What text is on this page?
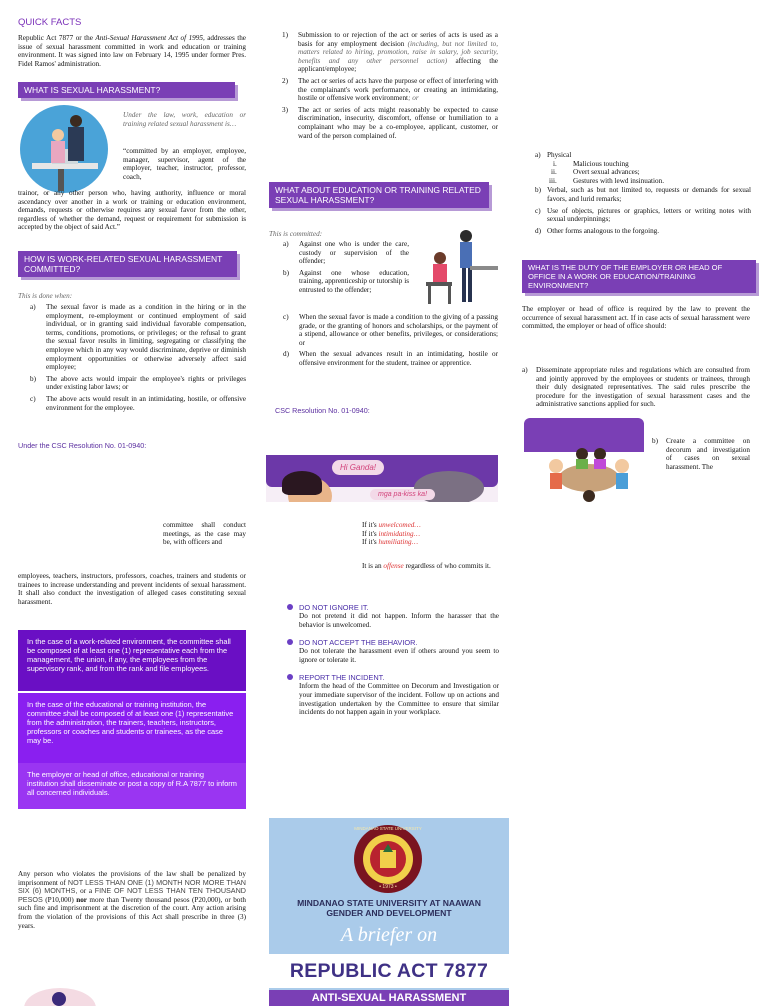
QUICK FACTS
Republic Act 7877 or the Anti-Sexual Harassment Act of 1995, addresses the issue of sexual harassment committed in work and education or training environment. It was signed into law on February 14, 1995 under former Pres. Fidel Ramos' administration.
WHAT IS SEXUAL HARASSMENT?
Under the law, work, education or training related sexual harassment is…
“committed by an employer, employee, manager, supervisor, agent of the employer, teacher, instructor, professor, coach,
trainor, or any other person who, having authority, influence or moral ascendancy over another in a work or training or education environment, demands, requests or otherwise requires any sexual favor from the other, regardless of whether the demand, request or requirement for submission is accepted by the object of said Act.”
HOW IS WORK-RELATED SEXUAL HARASSMENT COMMITTED?
This is done when:
a) The sexual favor is made as a condition in the hiring or in the employment, re-employment or continued employment of said individual, or in granting said individual favorable compensation, terms, conditions, promotions, or privileges; or the refusal to grant the sexual favor results in limiting, segregating or classifying the employee which in any way would discriminate, deprive or diminish employment opportunities or otherwise adversely affect said employee;
b) The above acts would impair the employee's rights or privileges under existing labor laws; or
c) The above acts would result in an intimidating, hostile, or offensive environment for the employee.
Under the CSC Resolution No. 01-0940:
1) Submission to or rejection of the act or series of acts is used as a basis for any employment decision (including, but not limited to, matters related to hiring, promotion, raise in salary, job security, benefits and any other personnel action) affecting the applicant/employee;
2) The act or series of acts have the purpose or effect of interfering with the complainant's work performance, or creating an intimidating, hostile or offensive work environment; or
3) The act or series of acts might reasonably be expected to cause discrimination, insecurity, discomfort, offense or humiliation to a complainant who may be a co-employee, applicant, customer, or ward of the person complained of.
WHAT ABOUT EDUCATION OR TRAINING RELATED SEXUAL HARASSMENT?
This is committed:
a) Against one who is under the care, custody or supervision of the offender;
b) Against one whose education, training, apprenticeship or tutorship is entrusted to the offender;
c) When the sexual favor is made a condition to the giving of a passing grade, or the granting of honors and scholarships, or the payment of a stipend, allowance or other benefits, privileges, or considerations; or
d) When the sexual advances result in an intimidating, hostile or offensive environment for the student, trainee or apprentice.
CSC Resolution No. 01-0940:
Hi Ganda!
mga pa-kiss ka!
a) Physical
i. Malicious touching
ii. Overt sexual advances;
iii. Gestures with lewd insinuation.
b) Verbal, such as but not limited to, requests or demands for sexual favors, and lurid remarks;
c) Use of objects, pictures or graphics, letters or writing notes with sexual underpinnings;
d) Other forms analogous to the forgoing.
WHAT IS THE DUTY OF THE EMPLOYER OR HEAD OF OFFICE IN A WORK OR EDUCATION/TRAINING ENVIRONMENT?
The employer or head of office is required by the law to prevent the occurrence of sexual harassment act. If in case acts of sexual harassment were committed, the employer or head of office should:
a)	Disseminate appropriate rules and regulations which are consulted from and jointly approved by the employees or students or trainees, through their duly designated representatives. The said rules prescribe the procedure for the investigation of sexual harassment cases and the administrative sanctions applied for such.
b)	Create a committee on decorum and investigation of cases on sexual harassment. The
committee shall conduct meetings, as the case may be, with officers and
employees, teachers, instructors, professors, coaches, trainers and students or trainees to increase understanding and prevent incidents of sexual harassment. It shall also conduct the investigation of alleged cases constituting sexual harassment.
In the case of a work-related environment, the committee shall be composed of at least one (1) representative each from the management, the union, if any, the employees from the supervisory rank, and from the rank and file employees.
In the case of the educational or training institution, the committee shall be composed of at least one (1) representative from the administration, the trainers, teachers, instructors, professors or coaches and students or trainees, as the case may be.
The employer or head of office, educational or training institution shall disseminate or post a copy of R.A 7877 to inform all concerned individuals.
Any person who violates the provisions of the law shall be penalized by imprisonment of NOT LESS THAN ONE (1) MONTH NOR MORE THAN SIX (6) MONTHS, or a FINE OF NOT LESS THAN TEN THOUSAND PESOS (P10,000) nor more than Twenty thousand pesos (P20,000), or both such fine and imprisonment at the discretion of the court. Any action arising from the violation of the provisions of this Act shall prescribe in three (3) years.
If it's unwelcomed…
If it's intimidating…
If it's humiliating…
It is an offense regardless of who commits it.
DO NOT IGNORE IT.
Do not pretend it did not happen. Inform the harasser that the behavior is unwelcomed.
DO NOT ACCEPT THE BEHAVIOR.
Do not tolerate the harassment even if others around you seem to ignore or tolerate it.
REPORT THE INCIDENT.
Inform the head of the Committee on Decorum and Investigation or your immediate supervisor of the incident. Follow up on actions and investigation undertaken by the Committee to ensure that similar incidents do not happen again in your workplace.
MINDANAO STATE UNIVERSITY
• 1973 •
MINDANAO STATE UNIVERSITY AT NAAWAN
GENDER AND DEVELOPMENT
A briefer on
REPUBLIC ACT 7877
ANTI-SEXUAL HARASSMENT
